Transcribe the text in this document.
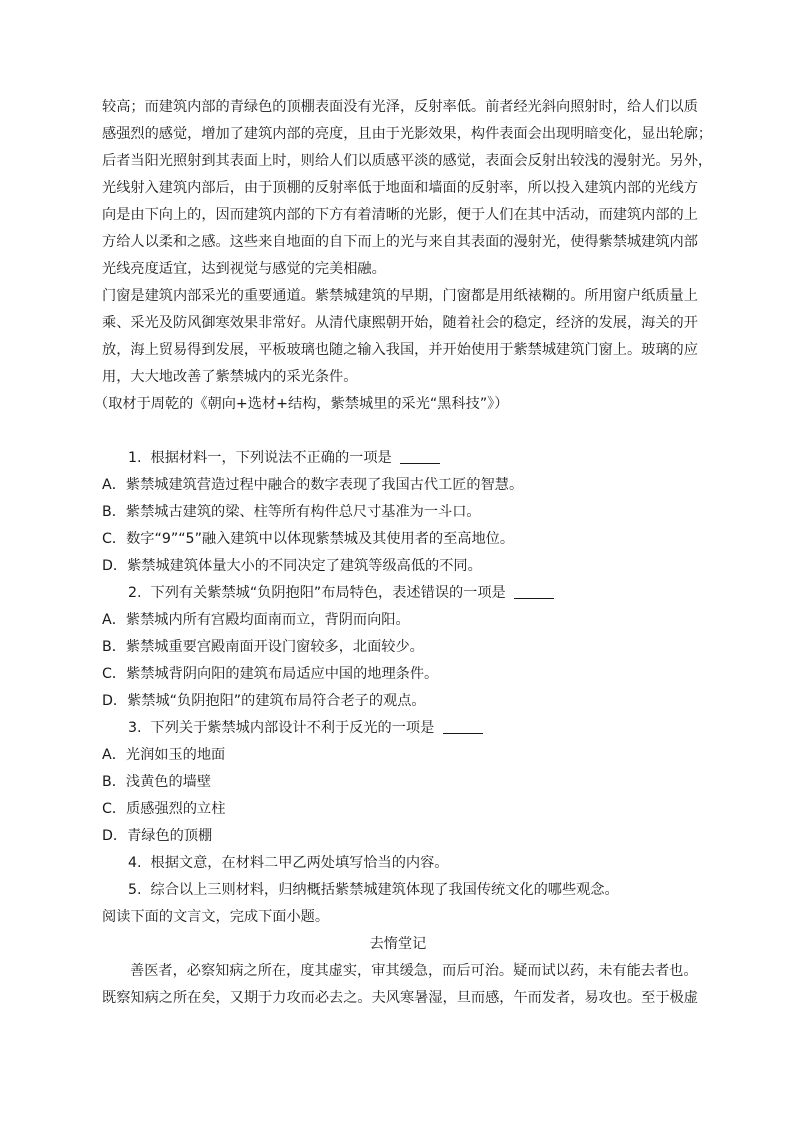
较高；而建筑内部的青绿色的顶棚表面没有光泽，反射率低。前者经光斜向照射时，给人们以质
感强烈的感觉，增加了建筑内部的亮度，且由于光影效果，构件表面会出现明暗变化，显出轮廓；
后者当阳光照射到其表面上时，则给人们以质感平淡的感觉，表面会反射出较浅的漫射光。另外，
光线射入建筑内部后，由于顶棚的反射率低于地面和墙面的反射率，所以投入建筑内部的光线方
向是由下向上的，因而建筑内部的下方有着清晰的光影，便于人们在其中活动，而建筑内部的上
方给人以柔和之感。这些来自地面的自下而上的光与来自其表面的漫射光，使得紫禁城建筑内部
光线亮度适宜，达到视觉与感觉的完美相融。
门窗是建筑内部采光的重要通道。紫禁城建筑的早期，门窗都是用纸裱糊的。所用窗户纸质量上
乘、采光及防风御寒效果非常好。从清代康熙朝开始，随着社会的稳定，经济的发展，海关的开
放，海上贸易得到发展，平板玻璃也随之输入我国，并开始使用于紫禁城建筑门窗上。玻璃的应
用，大大地改善了紫禁城内的采光条件。
（取材于周乾的《朝向+选材+结构，紫禁城里的采光“黑科技”》）
1. 根据材料一，下列说法不正确的一项是
A．紫禁城建筑营造过程中融合的数字表现了我国古代工匠的智慧。
B．紫禁城古建筑的梁、柱等所有构件总尺寸基准为一斗口。
C．数字“9”“5”融入建筑中以体现紫禁城及其使用者的至高地位。
D．紫禁城建筑体量大小的不同决定了建筑等级高低的不同。
2. 下列有关紫禁城“负阴抱阳”布局特色，表述错误的一项是
A．紫禁城内所有宫殿均面南而立，背阴而向阳。
B．紫禁城重要宫殿南面开设门窗较多，北面较少。
C．紫禁城背阴向阳的建筑布局适应中国的地理条件。
D．紫禁城“负阴抱阳”的建筑布局符合老子的观点。
3. 下列关于紫禁城内部设计不利于反光的一项是
A．光润如玉的地面
B．浅黄色的墙壁
C．质感强烈的立柱
D．青绿色的顶棚
4. 根据文意，在材料二甲乙两处填写恰当的内容。
5. 综合以上三则材料，归纳概括紫禁城建筑体现了我国传统文化的哪些观念。
阅读下面的文言文，完成下面小题。
去惰堂记
善医者，必察知病之所在，度其虚实，审其缓急，而后可治。疑而试以药，未有能去者也。
既察知病之所在矣，又期于力攻而必去之。夫风寒暑湿，旦而感，午而发者，易攻也。至于极虚
